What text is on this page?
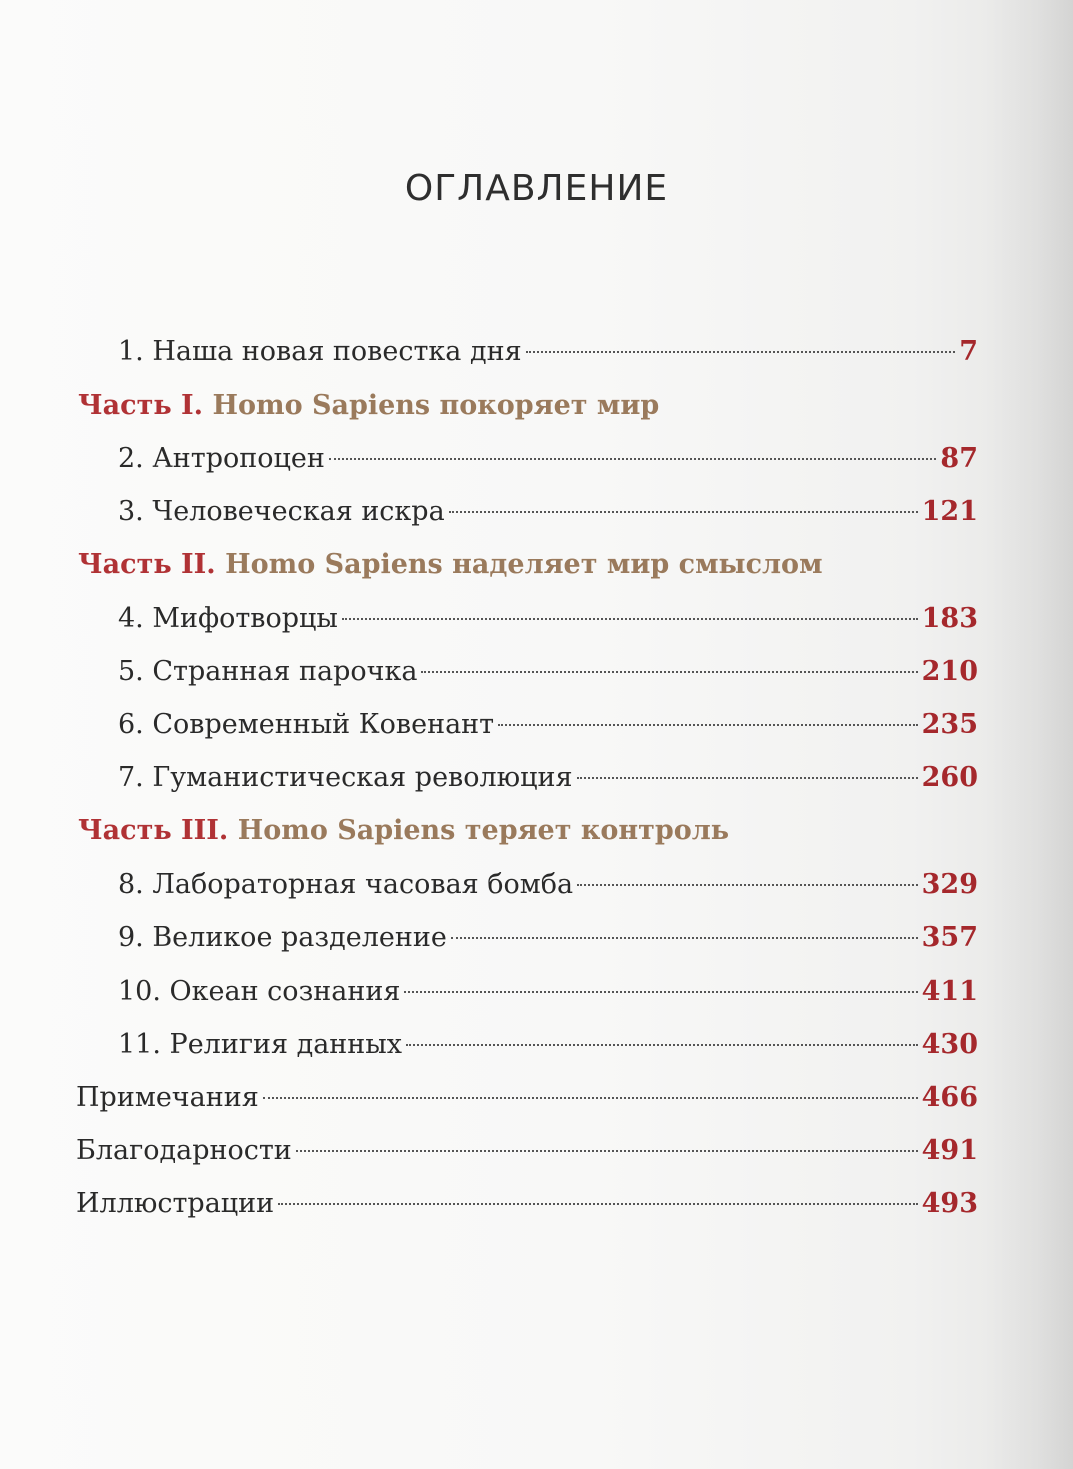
ОГЛАВЛЕНИЕ
1. Наша новая повестка дня	7
Часть I. Homo Sapiens покоряет мир
2. Антропоцен	87
3. Человеческая искра	121
Часть II. Homo Sapiens наделяет мир смыслом
4. Мифотворцы	183
5. Странная парочка	210
6. Современный Ковенант	235
7. Гуманистическая революция	260
Часть III. Homo Sapiens теряет контроль
8. Лабораторная часовая бомба	329
9. Великое разделение	357
10. Океан сознания	411
11. Религия данных	430
Примечания	466
Благодарности	491
Иллюстрации	493
